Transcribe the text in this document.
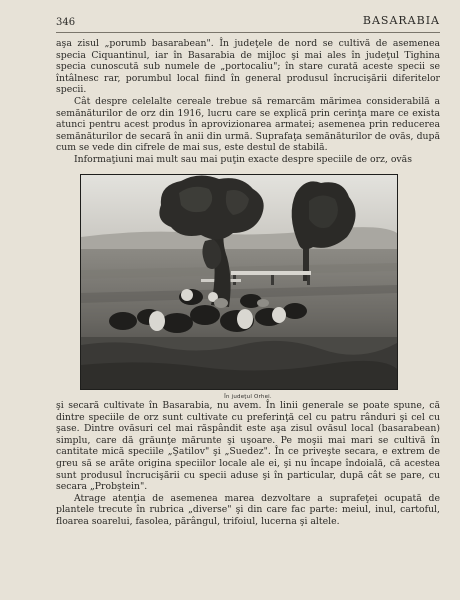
346	BASARABIA

aşa zisul „porumb basarabean". În judeţele de nord se cultivă de asemenea specia Ciquantinul, iar în Basarabia de mijloc şi mai ales în judeţul Tighina specia cunoscută sub numele de „portocaliu"; în stare curată aceste specii se întâlnesc rar, porumbul local fiind în general produsul încrucişării diferitelor specii.

Cât despre celelalte cereale trebue să remarcăm mărimea considerabilă a semănăturilor de orz din 1916, lucru care se explică prin cerinţa mare ce exista atunci pentru acest produs în aprovizionarea armatei; asemenea prin reducerea semănăturilor de secară în anii din urmă. Suprafaţa semănăturilor de ovăs, după cum se vede din cifrele de mai sus, este destul de stabilă.

Informaţiuni mai mult sau mai puţin exacte despre speciile de orz, ovăs

În judeţul Orhei.

şi secară cultivate în Basarabia, nu avem. În linii generale se poate spune, că dintre speciile de orz sunt cultivate cu preferinţă cel cu patru rânduri şi cel cu şase. Dintre ovăsuri cel mai răspândit este aşa zisul ovăsul local (basarabean) simplu, care dă grăunţe mărunte şi uşoare. Pe moşii mai mari se cultivă în cantitate mică speciile „Şatilov" şi „Suedez". În ce priveşte secara, e extrem de greu să se arăte origina speciilor locale ale ei, şi nu încape îndoială, că acestea sunt produsul încrucişării cu specii aduse şi în particular, după cât se pare, cu secara „Probştein".

Atrage atenţia de asemenea marea dezvoltare a suprafeţei ocupată de plantele trecute în rubrica „diverse" şi din care fac parte: meiul, inul, cartoful, floarea soarelui, fasolea, părângul, trifoiul, lucerna şi altele.
